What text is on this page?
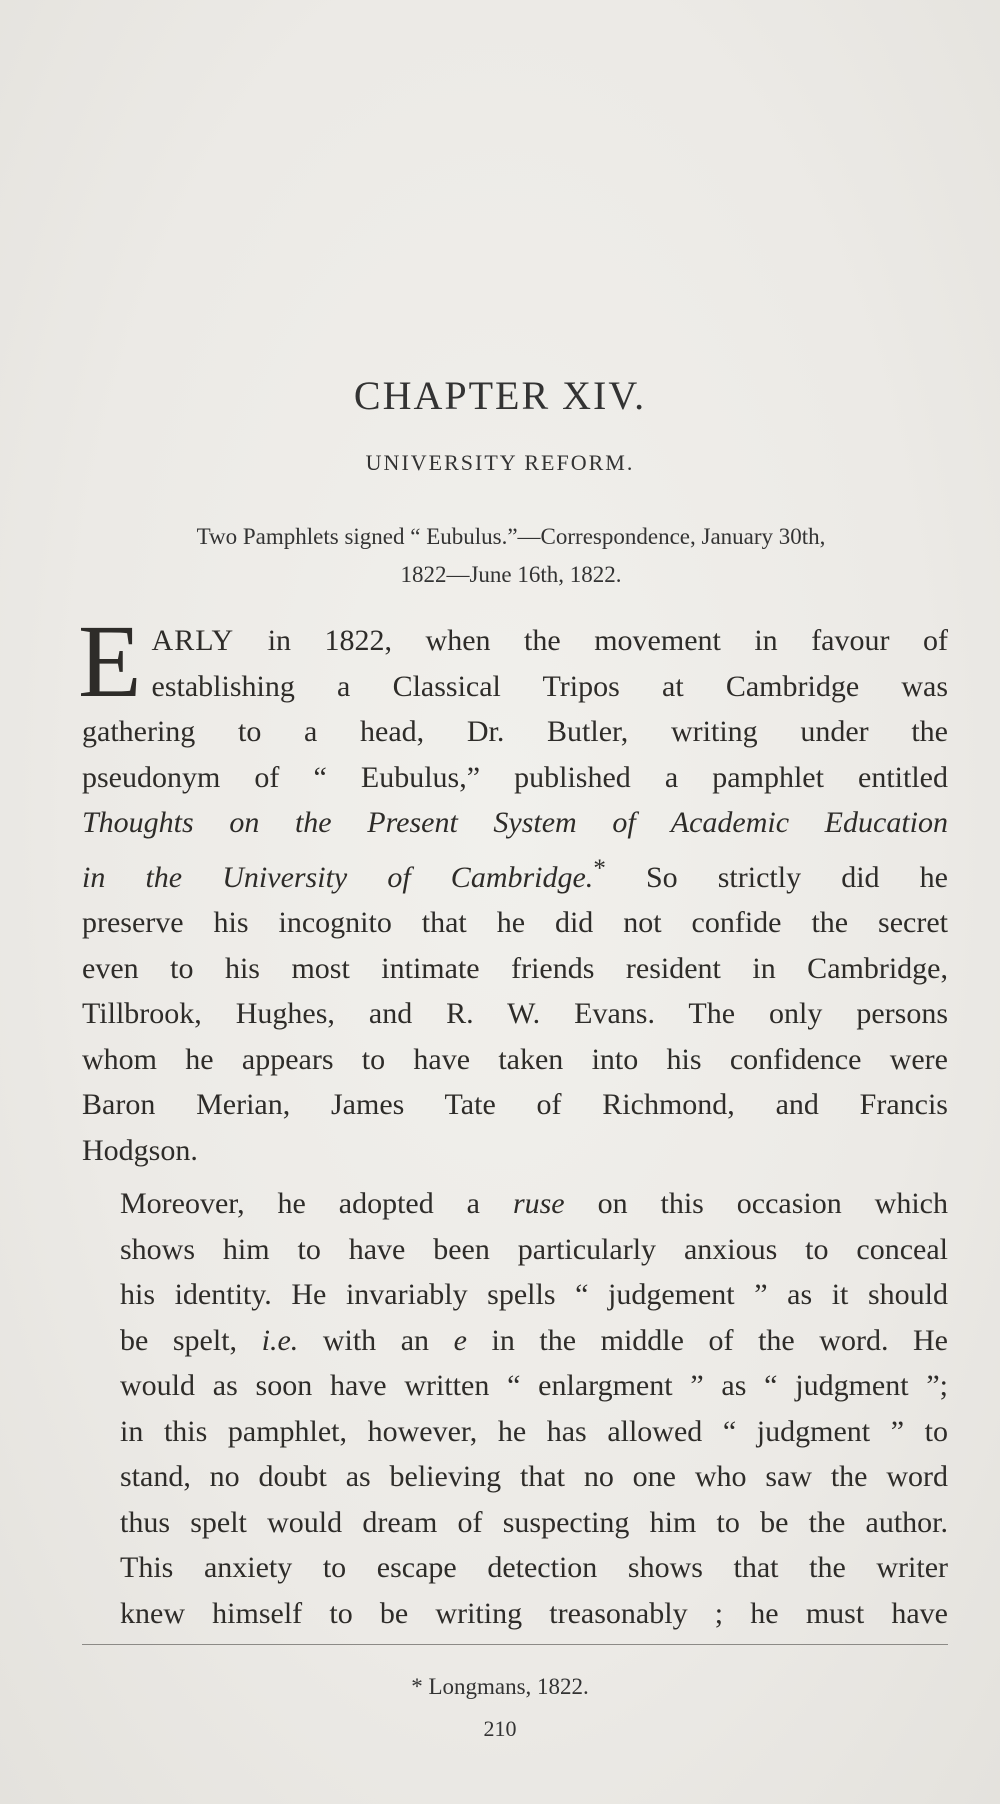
CHAPTER XIV.
UNIVERSITY REFORM.
Two Pamphlets signed “ Eubulus.”—Correspondence, January 30th,
1822—June 16th, 1822.

E ARLY in 1822, when the movement in favour of
establishing a Classical Tripos at Cambridge was
gathering to a head, Dr. Butler, writing under the
pseudonym of “ Eubulus,” published a pamphlet entitled
Thoughts on the Present System of Academic Education
in the University of Cambridge.* So strictly did he
preserve his incognito that he did not confide the secret
even to his most intimate friends resident in Cambridge,
Tillbrook, Hughes, and R. W. Evans. The only persons
whom he appears to have taken into his confidence were
Baron Merian, James Tate of Richmond, and Francis
Hodgson.

Moreover, he adopted a ruse on this occasion which
shows him to have been particularly anxious to conceal
his identity. He invariably spells “ judgement ” as it should
be spelt, i.e. with an e in the middle of the word. He
would as soon have written “ enlargment ” as “ judgment ”;
in this pamphlet, however, he has allowed “ judgment ” to
stand, no doubt as believing that no one who saw the word
thus spelt would dream of suspecting him to be the author.
This anxiety to escape detection shows that the writer
knew himself to be writing treasonably ; he must have

* Longmans, 1822.
210
